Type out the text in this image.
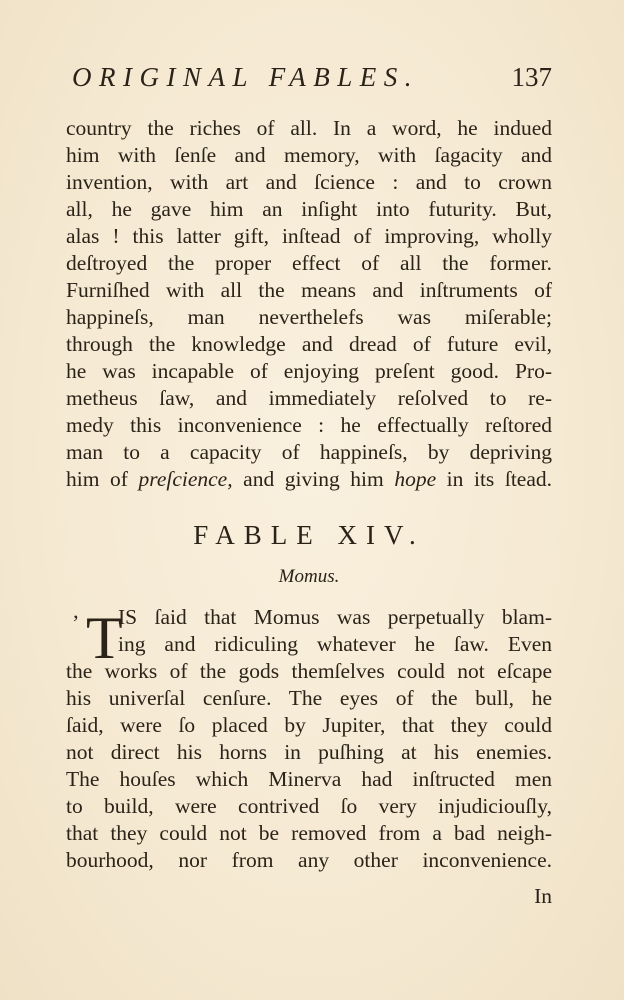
ORIGINAL FABLES.	137
country the riches of all. In a word, he indued
him with ſenſe and memory, with ſagacity and
invention, with art and ſcience : and to crown
all, he gave him an inſight into futurity. But,
alas ! this latter gift, inſtead of improving, wholly
deſtroyed the proper effect of all the former.
Furniſhed with all the means and inſtruments of
happineſs, man neverthelefs was miſerable;
through the knowledge and dread of future evil,
he was incapable of enjoying preſent good. Pro-
metheus ſaw, and immediately reſolved to re-
medy this inconvenience : he effectually reſtored
man to a capacity of happineſs, by depriving
him of preſcience, and giving him hope in its ſtead.
FABLE XIV.
Momus.
’ T
IS ſaid that Momus was perpetually blam-
ing and ridiculing whatever he ſaw. Even
the works of the gods themſelves could not eſcape
his univerſal cenſure. The eyes of the bull, he
ſaid, were ſo placed by Jupiter, that they could
not direct his horns in puſhing at his enemies.
The houſes which Minerva had inſtructed men
to build, were contrived ſo very injudiciouſly,
that they could not be removed from a bad neigh-
bourhood, nor from any other inconvenience.
In
